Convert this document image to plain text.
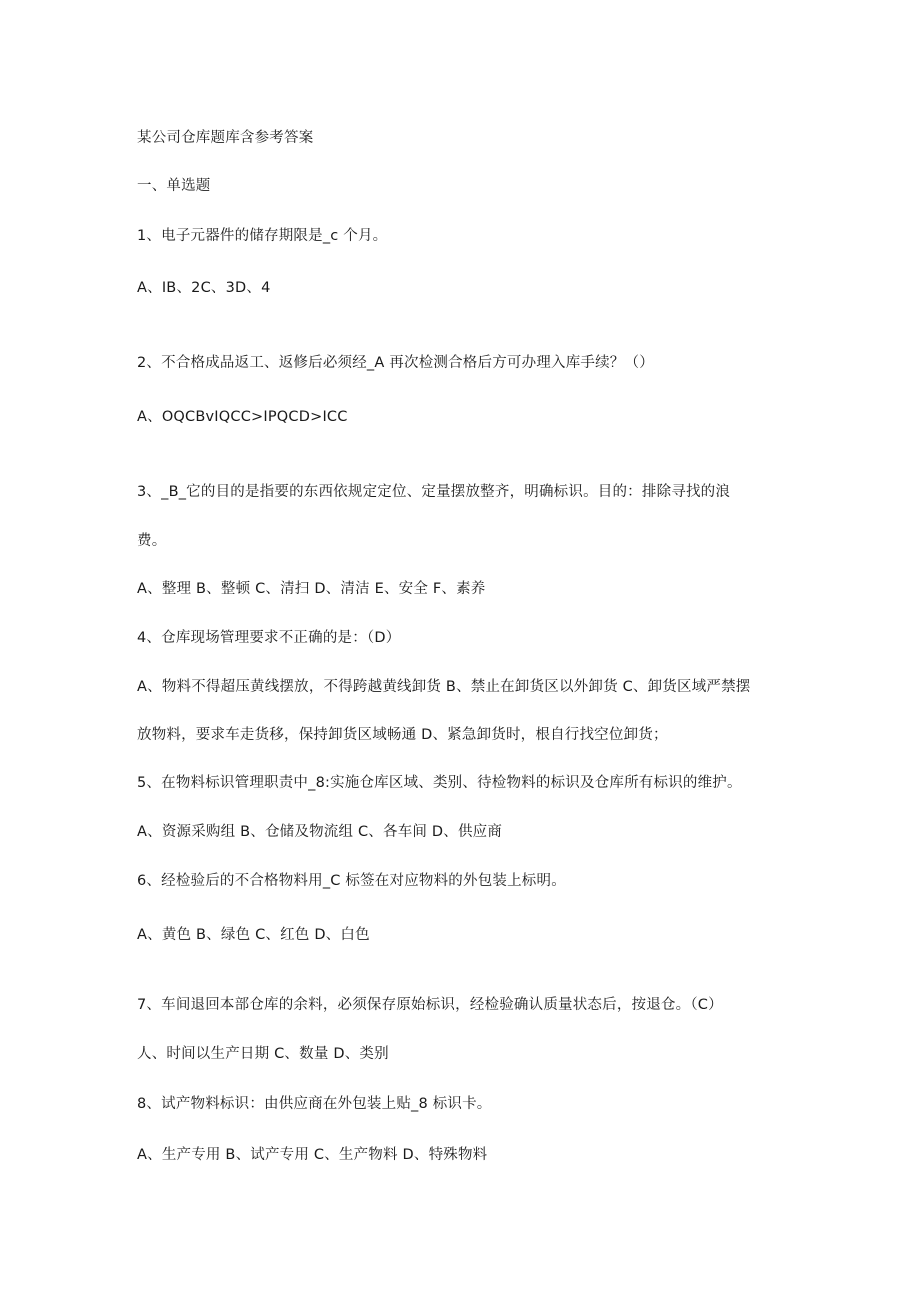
某公司仓库题库含参考答案
一、单选题
1、电子元器件的储存期限是_c 个月。
A、IB、2C、3D、4
2、不合格成品返工、返修后必须经_A 再次检测合格后方可办理入库手续？（）
A、OQCBvIQCC>IPQCD>ICC
3、_B_它的目的是指要的东西依规定定位、定量摆放整齐，明确标识。目的：排除寻找的浪
费。
A、整理 B、整顿 C、清扫 D、清洁 E、安全 F、素养
4、仓库现场管理要求不正确的是：（D）
A、物料不得超压黄线摆放，不得跨越黄线卸货 B、禁止在卸货区以外卸货 C、卸货区域严禁摆
放物料，要求车走货移，保持卸货区域畅通 D、紧急卸货时，根自行找空位卸货；
5、在物料标识管理职责中_8:实施仓库区域、类别、待检物料的标识及仓库所有标识的维护。
A、资源采购组 B、仓储及物流组 C、各车间 D、供应商
6、经检验后的不合格物料用_C 标签在对应物料的外包装上标明。
A、黄色 B、绿色 C、红色 D、白色
7、车间退回本部仓库的余料，必须保存原始标识，经检验确认质量状态后，按退仓。（C）
人、时间以生产日期 C、数量 D、类别
8、试产物料标识：由供应商在外包装上贴_8 标识卡。
A、生产专用 B、试产专用 C、生产物料 D、特殊物料
